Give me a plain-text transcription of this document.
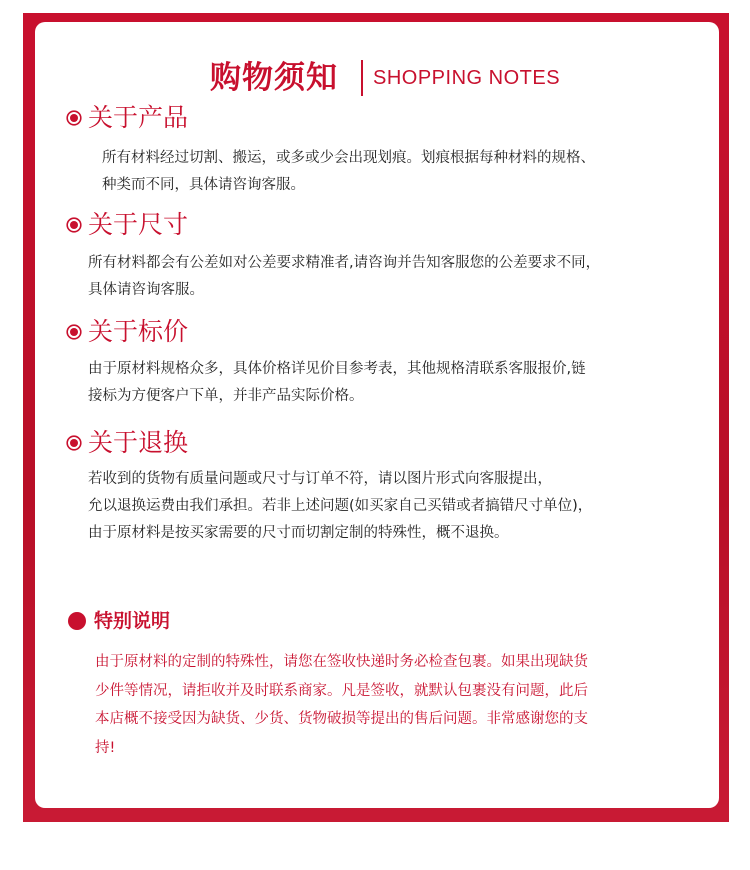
购物须知 SHOPPING NOTES
关于产品
所有材料经过切割、搬运，或多或少会出现划痕。划痕根据每种材料的规格、
种类而不同，具体请咨询客服。
关于尺寸
所有材料都会有公差如对公差要求精准者,请咨询并告知客服您的公差要求不同，
具体请咨询客服。
关于标价
由于原材料规格众多，具体价格详见价目参考表，其他规格清联系客服报价,链
接标为方便客户下单，并非产品实际价格。
关于退换
若收到的货物有质量问题或尺寸与订单不符，请以图片形式向客服提出，
允以退换运费由我们承担。若非上述问题(如买家自己买错或者搞错尺寸单位)，
由于原材料是按买家需要的尺寸而切割定制的特殊性，概不退换。
特别说明
由于原材料的定制的特殊性，请您在签收快递时务必检查包裹。如果出现缺货
少件等情况，请拒收并及时联系商家。凡是签收，就默认包裹没有问题，此后
本店概不接受因为缺货、少货、货物破损等提出的售后问题。非常感谢您的支
持!
